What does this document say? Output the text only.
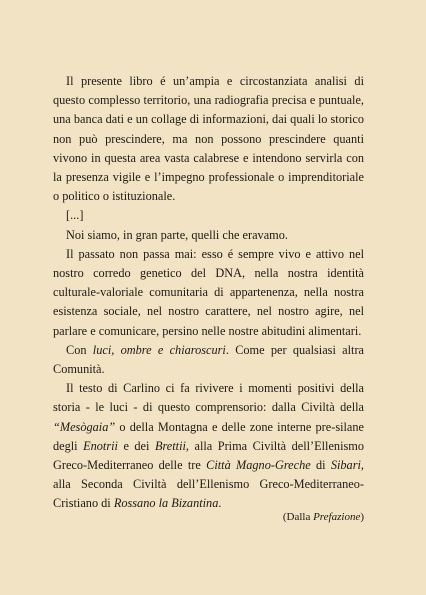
Il presente libro é un’ampia e circostanziata analisi di questo complesso territorio, una radiografia precisa e puntuale, una banca dati e un collage di informazioni, dai quali lo storico non può prescindere, ma non possono prescindere quanti vivono in questa area vasta calabrese e intendono servirla con la presenza vigile e l’impegno professionale o imprenditoriale o politico o istituzionale.

[...]

Noi siamo, in gran parte, quelli che eravamo.

Il passato non passa mai: esso é sempre vivo e attivo nel nostro corredo genetico del DNA, nella nostra identità culturale-valoriale comunitaria di appartenenza, nella nostra esistenza sociale, nel nostro carattere, nel nostro agire, nel parlare e comunicare, persino nelle nostre abitudini alimentari.

Con luci, ombre e chiaroscuri. Come per qualsiasi altra Comunità.

Il testo di Carlino ci fa rivivere i momenti positivi della storia - le luci - di questo comprensorio: dalla Civiltà della “Mesògaia” o della Montagna e delle zone interne pre-silane degli Enotrii e dei Brettii, alla Prima Civiltà dell’Ellenismo Greco-Mediterraneo delle tre Città Magno-Greche di Sibari, alla Seconda Civiltà dell’Ellenismo Greco-Mediterraneo-Cristiano di Rossano la Bizantina.

(Dalla Prefazione)
